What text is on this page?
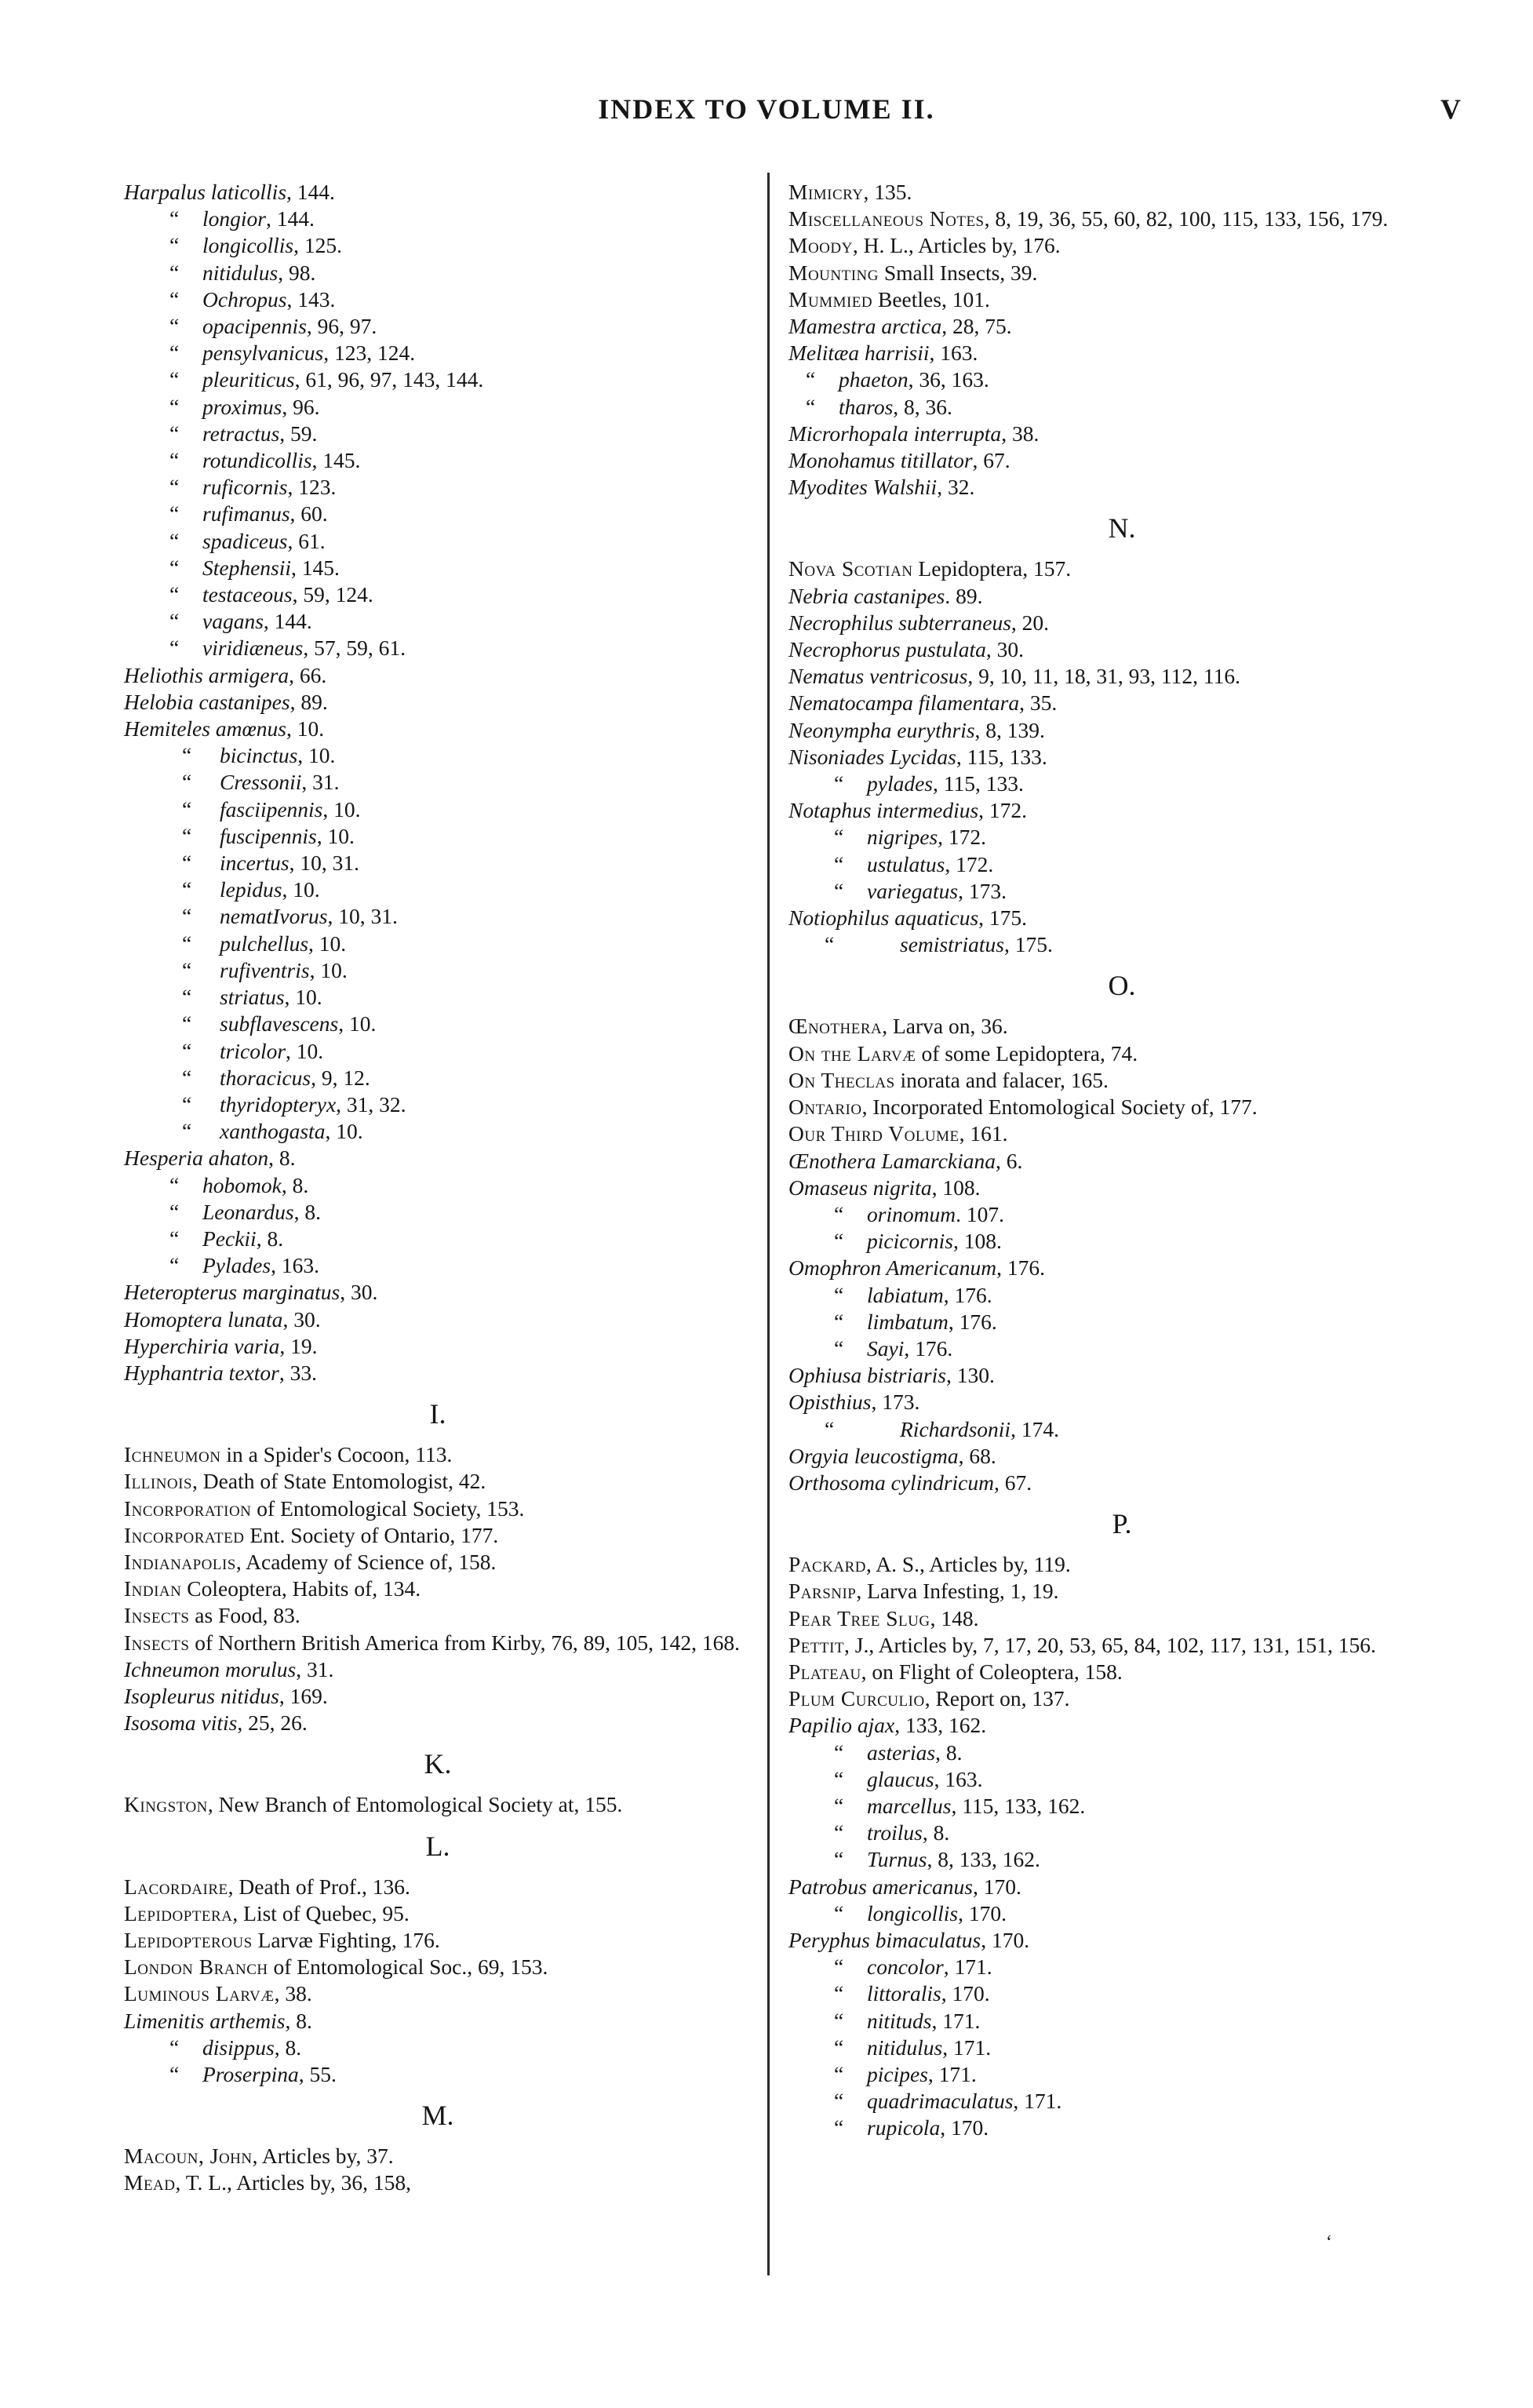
INDEX TO VOLUME II.	V
Harpalus laticollis, 144.
“ longior, 144.
“ longicollis, 125.
“ nitidulus, 98.
“ Ochropus, 143.
“ opacipennis, 96, 97.
“ pensylvanicus, 123, 124.
“ pleuriticus, 61, 96, 97, 143, 144.
“ proximus, 96.
“ retractus, 59.
“ rotundicollis, 145.
“ ruficornis, 123.
“ rufimanus, 60.
“ spadiceus, 61.
“ Stephensii, 145.
“ testaceous, 59, 124.
“ vagans, 144.
“ viridiæneus, 57, 59, 61.
Heliothis armigera, 66.
Helobia castanipes, 89.
Hemiteles amœnus, 10.
“ bicinctus, 10.
“ Cressonii, 31.
“ fasciipennis, 10.
“ fuscipennis, 10.
“ incertus, 10, 31.
“ lepidus, 10.
“ nematIvorus, 10, 31.
“ pulchellus, 10.
“ rufiventris, 10.
“ striatus, 10.
“ subflavescens, 10.
“ tricolor, 10.
“ thoracicus, 9, 12.
“ thyridopteryx, 31, 32.
“ xanthogasta, 10.
Hesperia ahaton, 8.
“ hobomok, 8.
“ Leonardus, 8.
“ Peckii, 8.
“ Pylades, 163.
Heteropterus marginatus, 30.
Homoptera lunata, 30.
Hyperchiria varia, 19.
Hyphantria textor, 33.
I.
Ichneumon in a Spider's Cocoon, 113.
Illinois, Death of State Entomologist, 42.
Incorporation of Entomological Society, 153.
Incorporated Ent. Society of Ontario, 177.
Indianapolis, Academy of Science of, 158.
Indian Coleoptera, Habits of, 134.
Insects as Food, 83.
Insects of Northern British America from Kirby, 76, 89, 105, 142, 168.
Ichneumon morulus, 31.
Isopleurus nitidus, 169.
Isosoma vitis, 25, 26.
K.
Kingston, New Branch of Entomological Society at, 155.
L.
Lacordaire, Death of Prof., 136.
Lepidoptera, List of Quebec, 95.
Lepidopterous Larvæ Fighting, 176.
London Branch of Entomological Soc., 69, 153.
Luminous Larvæ, 38.
Limenitis arthemis, 8.
“ disippus, 8.
“ Proserpina, 55.
M.
Macoun, John, Articles by, 37.
Mead, T. L., Articles by, 36, 158,
Mimicry, 135.
Miscellaneous Notes, 8, 19, 36, 55, 60, 82, 100, 115, 133, 156, 179.
Moody, H. L., Articles by, 176.
Mounting Small Insects, 39.
Mummied Beetles, 101.
Mamestra arctica, 28, 75.
Melitæa harrisii, 163.
“ phaeton, 36, 163.
“ tharos, 8, 36.
Microrhopala interrupta, 38.
Monohamus titillator, 67.
Myodites Walshii, 32.
N.
Nova Scotian Lepidoptera, 157.
Nebria castanipes. 89.
Necrophilus subterraneus, 20.
Necrophorus pustulata, 30.
Nematus ventricosus, 9, 10, 11, 18, 31, 93, 112, 116.
Nematocampa filamentara, 35.
Neonympha eurythris, 8, 139.
Nisoniades Lycidas, 115, 133.
“ pylades, 115, 133.
Notaphus intermedius, 172.
“ nigripes, 172.
“ ustulatus, 172.
“ variegatus, 173.
Notiophilus aquaticus, 175.
“	semistriatus, 175.
O.
Œnothera, Larva on, 36.
On the Larvæ of some Lepidoptera, 74.
On Theclas inorata and falacer, 165.
Ontario, Incorporated Entomological Society of, 177.
Our Third Volume, 161.
Œnothera Lamarckiana, 6.
Omaseus nigrita, 108.
“ orinomum. 107.
“ picicornis, 108.
Omophron Americanum, 176.
“ labiatum, 176.
“ limbatum, 176.
“ Sayi, 176.
Ophiusa bistriaris, 130.
Opisthius, 173.
“	Richardsonii, 174.
Orgyia leucostigma, 68.
Orthosoma cylindricum, 67.
P.
Packard, A. S., Articles by, 119.
Parsnip, Larva Infesting, 1, 19.
Pear Tree Slug, 148.
Pettit, J., Articles by, 7, 17, 20, 53, 65, 84, 102, 117, 131, 151, 156.
Plateau, on Flight of Coleoptera, 158.
Plum Curculio, Report on, 137.
Papilio ajax, 133, 162.
“ asterias, 8.
“ glaucus, 163.
“ marcellus, 115, 133, 162.
“ troilus, 8.
“ Turnus, 8, 133, 162.
Patrobus americanus, 170.
“ longicollis, 170.
Peryphus bimaculatus, 170.
“ concolor, 171.
“ littoralis, 170.
“ nitituds, 171.
“ nitidulus, 171.
“ picipes, 171.
“ quadrimaculatus, 171.
“ rupicola, 170.
‘
